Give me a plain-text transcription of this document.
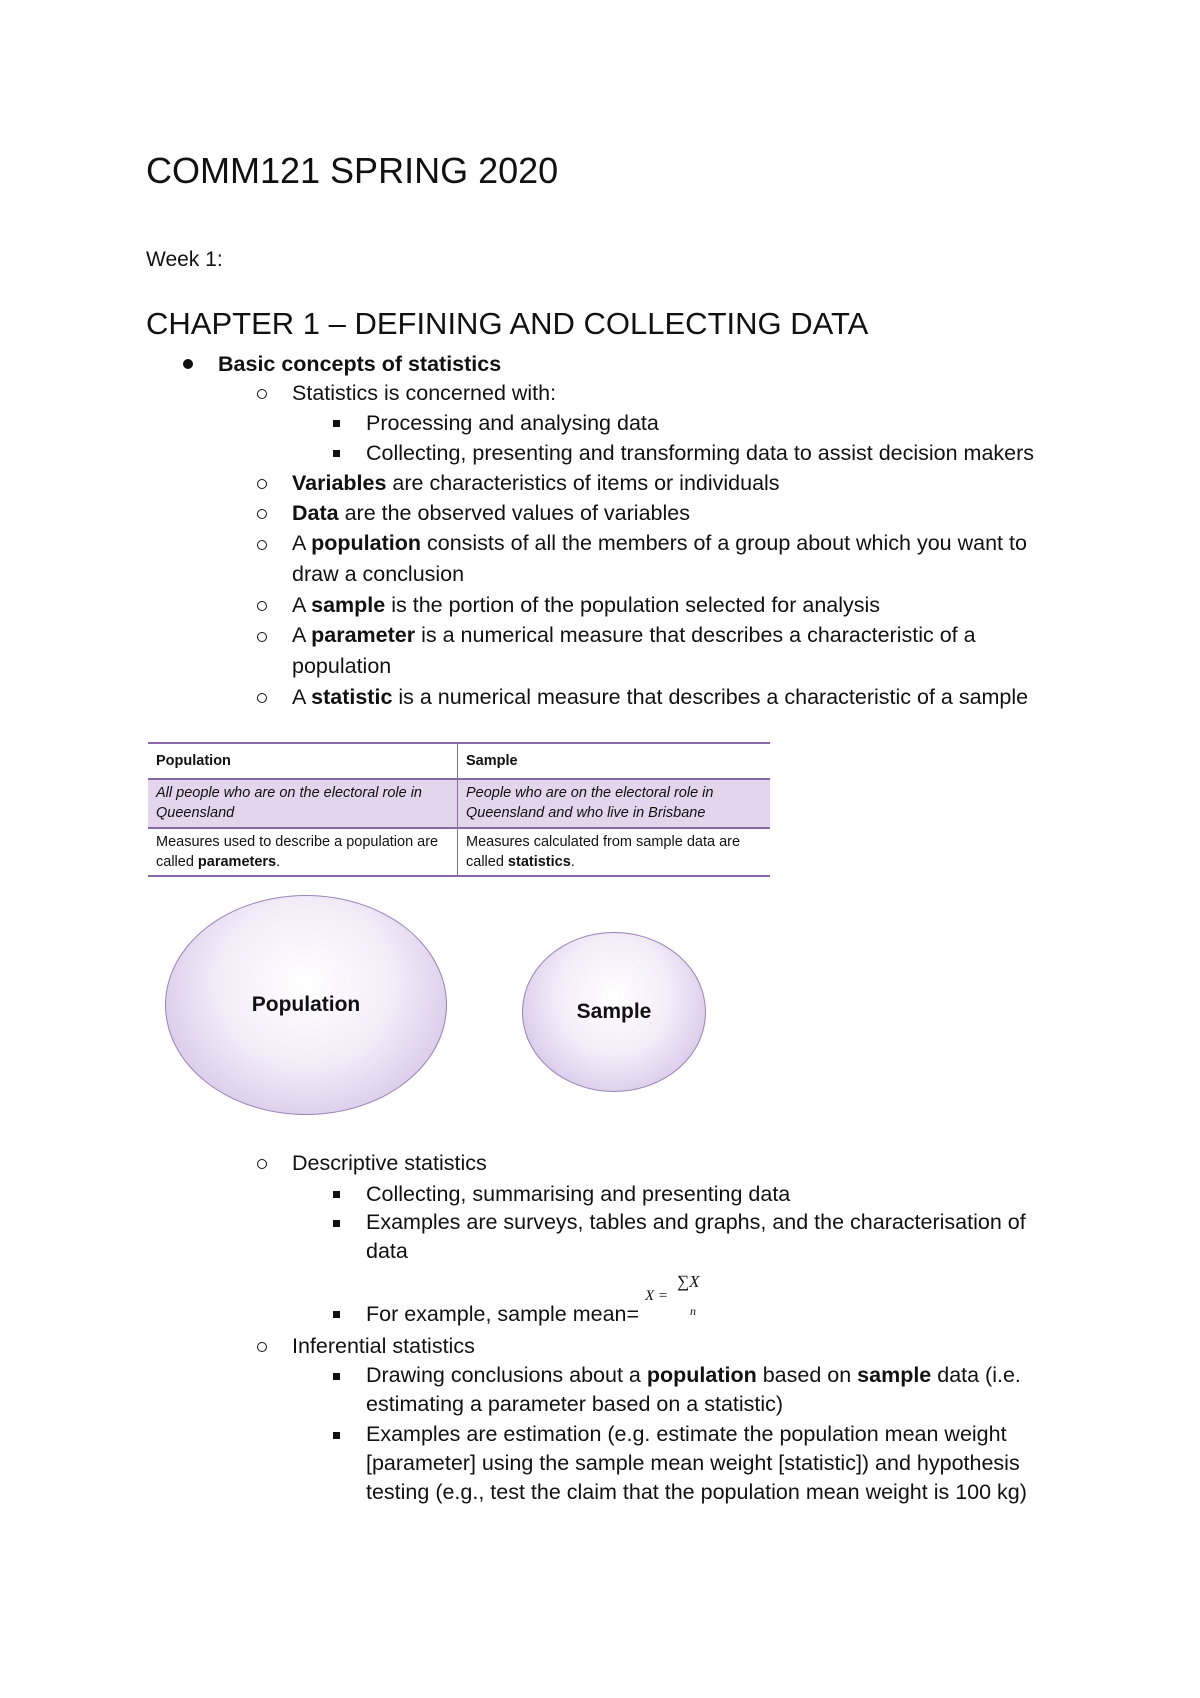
COMM121 SPRING 2020
Week 1:
CHAPTER 1 – DEFINING AND COLLECTING DATA
Basic concepts of statistics
Statistics is concerned with:
Processing and analysing data
Collecting, presenting and transforming data to assist decision makers
Variables are characteristics of items or individuals
Data are the observed values of variables
A population consists of all the members of a group about which you want to draw a conclusion
A sample is the portion of the population selected for analysis
A parameter is a numerical measure that describes a characteristic of a population
A statistic is a numerical measure that describes a characteristic of a sample
Population	Sample
All people who are on the electoral role in Queensland	People who are on the electoral role in Queensland and who live in Brisbane
Measures used to describe a population are called parameters.	Measures calculated from sample data are called statistics.
Population	Sample
Descriptive statistics
Collecting, summarising and presenting data
Examples are surveys, tables and graphs, and the characterisation of data
For example, sample mean=
X =
∑X
n
Inferential statistics
Drawing conclusions about a population based on sample data (i.e. estimating a parameter based on a statistic)
Examples are estimation (e.g. estimate the population mean weight [parameter] using the sample mean weight [statistic]) and hypothesis testing (e.g., test the claim that the population mean weight is 100 kg)
